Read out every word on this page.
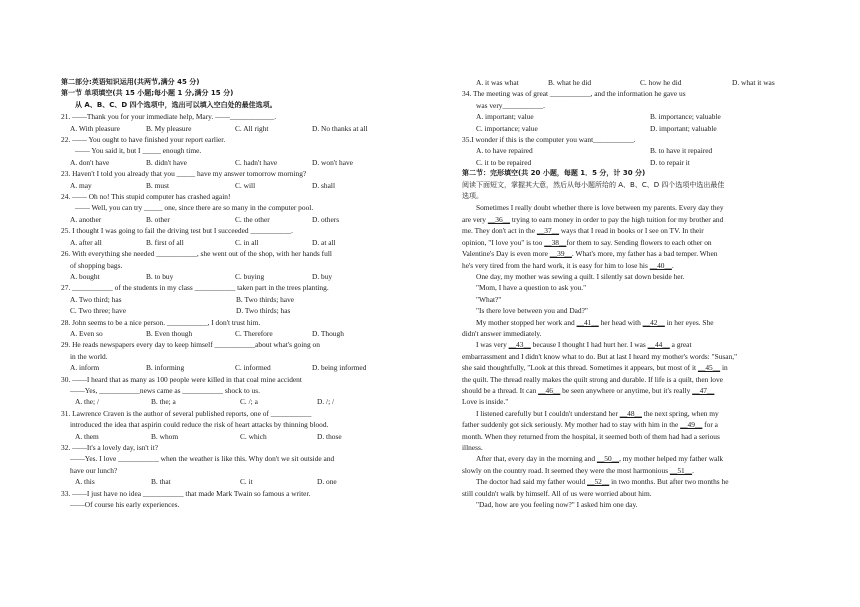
第二部分:英语知识运用(共两节,满分 45 分)
第一节 单项填空(共 15 小题;每小题 1 分,满分 15 分)
从 A、B、C、D 四个选项中，选出可以填入空白处的最佳选项。
21. ——Thank you for your immediate help, Mary. ——____________.
A. With pleasure	B. My pleasure	C. All right	D. No thanks at all
22. —— You ought to have finished your report earlier.
—— You said it, but I _____ enough time.
A. don't have	B. didn't have	C. hadn't have	D. won't have
23. Haven't I told you already that you _____ have my answer tomorrow morning?
A. may	B. must	C. will	D. shall
24. —— Oh no! This stupid computer has crashed again!
—— Well, you can try _____ one, since there are so many in the computer pool.
A. another	B. other	C. the other	D. others
25. I thought I was going to fail the driving test but I succeeded ___________.
A. after all	B. first of all	C. in all	D. at all
26. With everything she needed ___________, she went out of the shop, with her hands full
of shopping bags.
A. bought	B. to buy	C. buying	D. buy
27. ___________ of the students in my class ___________ taken part in the trees planting.
A. Two third; has	B. Two thirds; have
C. Two three; have	D. Two thirds; has
28. John seems to be a nice person. ___________, I don't trust him.
A. Even so	B. Even though	C. Therefore	D. Though
29. He reads newspapers every day to keep himself ___________about what's going on
in the world.
A. inform	B. informing	C. informed	D. being informed
30. ——I heard that as many as 100 people were killed in that coal mine accident
——Yes, ___________news came as ___________ shock to us.
A. the; /	B. the; a	C. /; a	D. /; /
31. Lawrence Craven is the author of several published reports, one of ___________
introduced the idea that aspirin could reduce the risk of heart attacks by thinning blood.
A. them	B. whom	C. which	D. those
32. ——It's a lovely day, isn't it?
——Yes. I love ___________ when the weather is like this. Why don't we sit outside and
have our lunch?
A. this	B. that	C. it	D. one
33. ——I just have no idea ___________ that made Mark Twain so famous a writer.
——Of course his early experiences.
A. it was what	B. what he did	C. how he did	D. what it was
34. The meeting was of great ___________, and the information he gave us
was very___________.
A. important; value	B. importance; valuable
C. importance; value	D. important; valuable
35.I wonder if this is the computer you want___________.
A. to have repaired	B. to have it repaired
C. it to be repaired	D. to repair it
第二节：完形填空(共 20 小题，每题 1．5 分，计 30 分)
阅读下面短文，掌握其大意，然后从每小题所给的 A、B、C、D 四个选项中选出最佳
选项。
Sometimes I really doubt whether there is love between my parents. Every day they
are very __36__ trying to earn money in order to pay the high tuition for my brother and
me. They don't act in the __37__ ways that I read in books or I see on TV. In their
opinion, "I love you" is too __38__for them to say. Sending flowers to each other on
Valentine's Day is even more __39__. What's more, my father has a bad temper. When
he's very tired from the hard work, it is easy for him to lose his __40__.
One day, my mother was sewing a quilt. I silently sat down beside her.
"Mom, I have a question to ask you."
"What?"
"Is there love between you and Dad?"
My mother stopped her work and __41__ her head with __42__ in her eyes. She
didn't answer immediately.
I was very __43__ because I thought I had hurt her. I was __44__ a great
embarrassment and I didn't know what to do. But at last I heard my mother's words: "Susan,"
she said thoughtfully, "Look at this thread. Sometimes it appears, but most of it __45__ in
the quilt. The thread really makes the quilt strong and durable. If life is a quilt, then love
should be a thread. It can __46__ be seen anywhere or anytime, but it's really __47__
Love is inside."
I listened carefully but I couldn't understand her __48__ the next spring, when my
father suddenly got sick seriously. My mother had to stay with him in the __49__ for a
month. When they returned from the hospital, it seemed both of them had had a serious
illness.
After that, every day in the morning and __50__, my mother helped my father walk
slowly on the country road. It seemed they were the most harmonious __51__.
The doctor had said my father would __52__ in two months. But after two months he
still couldn't walk by himself. All of us were worried about him.
"Dad, how are you feeling now?" I asked him one day.
